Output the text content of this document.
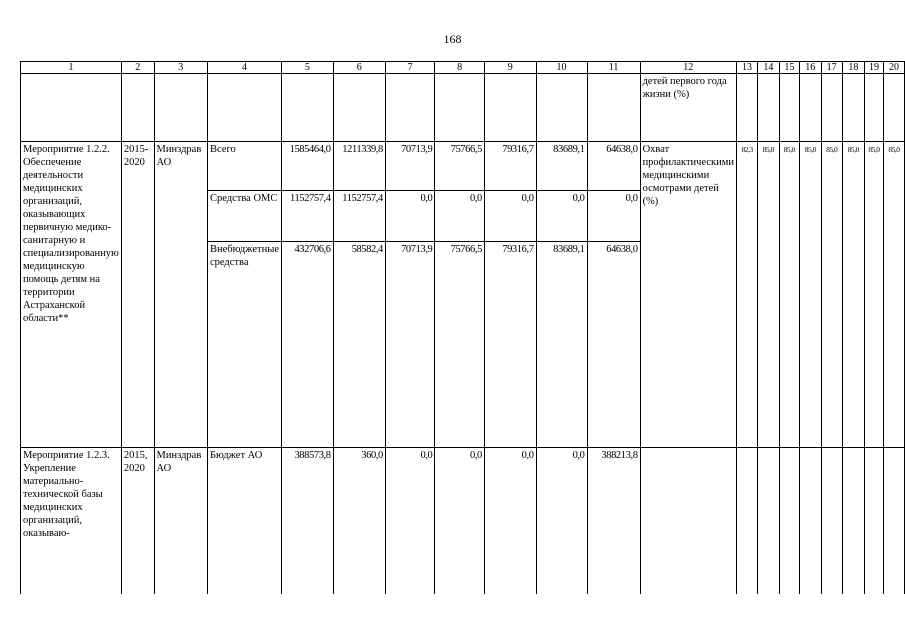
168
1	2	3	4	5	6	7	8	9	10	11	12	13	14	15	16	17	18	19	20
											детей первого года жизни (%)								
Мероприятие 1.2.2. Обеспечение деятельности медицинских организаций, оказывающих первичную медико-санитарную и специализированную медицинскую помощь детям на территории Астраханской области**	2015-2020	Минздрав АО	Всего	1585464,0	1211339,8	70713,9	75766,5	79316,7	83689,1	64638,0	Охват профилактическими медицинскими осмотрами детей (%)	82,3	85,0	85,0	85,0	85,0	85,0	85,0	85,0
			Средства ОМС	1152757,4	1152757,4	0,0	0,0	0,0	0,0	0,0									
			Внебюджетные средства	432706,6	58582,4	70713,9	75766,5	79316,7	83689,1	64638,0									
Мероприятие 1.2.3. Укрепление материально-технической базы медицинских организаций, оказываю-	2015, 2020	Минздрав АО	Бюджет АО	388573,8	360,0	0,0	0,0	0,0	0,0	388213,8									
